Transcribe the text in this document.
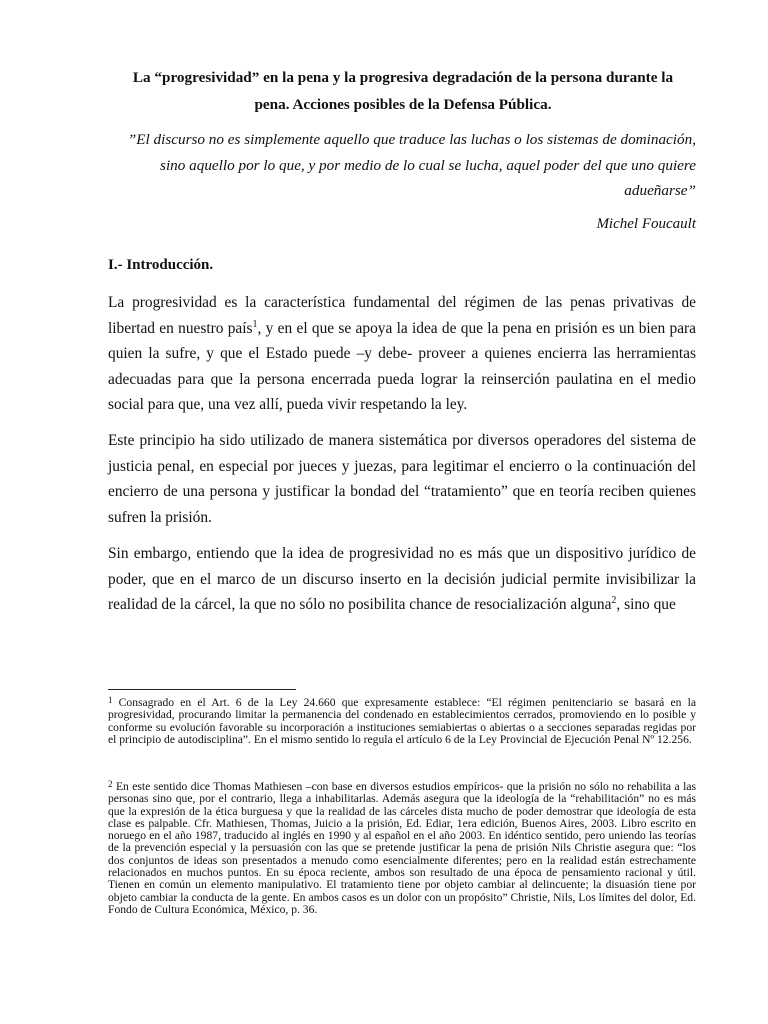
La “progresividad” en la pena y la progresiva degradación de la persona durante la
pena. Acciones posibles de la Defensa Pública.
”El discurso no es simplemente aquello que traduce las luchas o los sistemas de dominación, sino aquello por lo que, y por medio de lo cual se lucha, aquel poder del que uno quiere adueñarse”
Michel Foucault
I.- Introducción.

La progresividad es la característica fundamental del régimen de las penas privativas de libertad en nuestro país$^1$, y en el que se apoya la idea de que la pena en prisión es un bien para quien la sufre, y que el Estado puede –y debe- proveer a quienes encierra las herramientas adecuadas para que la persona encerrada pueda lograr la reinserción paulatina en el medio social para que, una vez allí, pueda vivir respetando la ley.

Este principio ha sido utilizado de manera sistemática por diversos operadores del sistema de justicia penal, en especial por jueces y juezas, para legitimar el encierro o la continuación del encierro de una persona y justificar la bondad del “tratamiento” que en teoría reciben quienes sufren la prisión.

Sin embargo, entiendo que la idea de progresividad no es más que un dispositivo jurídico de poder, que en el marco de un discurso inserto en la decisión judicial permite invisibilizar la realidad de la cárcel, la que no sólo no posibilita chance de resocialización alguna$^2$, sino que

$^1$ Consagrado en el Art. 6 de la Ley 24.660 que expresamente establece: “El régimen penitenciario se basará en la progresividad, procurando limitar la permanencia del condenado en establecimientos cerrados, promoviendo en lo posible y conforme su evolución favorable su incorporación a instituciones semiabiertas o abiertas o a secciones separadas regidas por el principio de autodisciplina”. En el mismo sentido lo regula el artículo 6 de la Ley Provincial de Ejecución Penal Nº 12.256.

$^2$ En este sentido dice Thomas Mathiesen –con base en diversos estudios empíricos- que la prisión no sólo no rehabilita a las personas sino que, por el contrario, llega a inhabilitarlas. Además asegura que la ideología de la “rehabilitación” no es más que la expresión de la ética burguesa y que la realidad de las cárceles dista mucho de poder demostrar que ideología de esta clase es palpable. Cfr. Mathiesen, Thomas, Juicio a la prisión, Ed. Ediar, 1era edición, Buenos Aires, 2003. Libro escrito en noruego en el año 1987, traducido al inglés en 1990 y al español en el año 2003. En idéntico sentido, pero uniendo las teorías de la prevención especial y la persuasión con las que se pretende justificar la pena de prisión Nils Christie asegura que: “los dos conjuntos de ideas son presentados a menudo como esencialmente diferentes; pero en la realidad están estrechamente relacionados en muchos puntos. En su época reciente, ambos son resultado de una época de pensamiento racional y útil. Tienen en común un elemento manipulativo. El tratamiento tiene por objeto cambiar al delincuente; la disuasión tiene por objeto cambiar la conducta de la gente. En ambos casos es un dolor con un propósito” Christie, Nils, Los límites del dolor, Ed. Fondo de Cultura Económica, México, p. 36.
